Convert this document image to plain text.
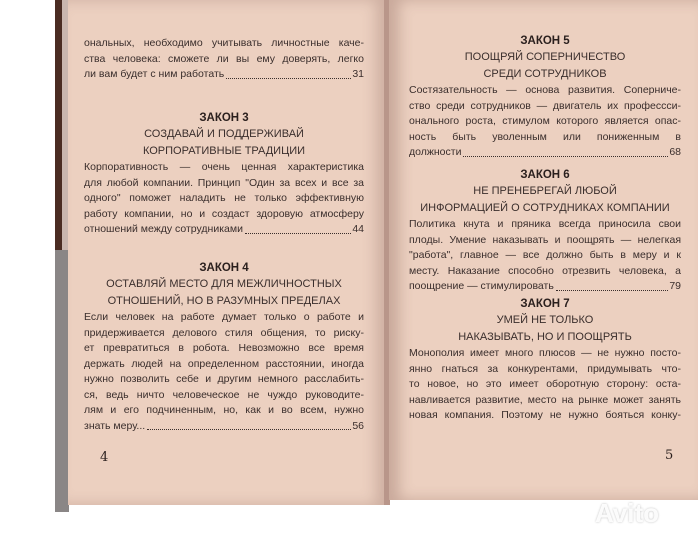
ональных, необходимо учитывать личностные каче-
ства человека: сможете ли вы ему доверять, легко
ли вам будет с ним работать	31
ЗАКОН 3
СОЗДАВАЙ И ПОДДЕРЖИВАЙ
КОРПОРАТИВНЫЕ ТРАДИЦИИ
Корпоративность — очень ценная характеристика
для любой компании. Принцип "Один за всех и все за
одного" поможет наладить не только эффективную
работу компании, но и создаст здоровую атмосферу
отношений между сотрудниками	44
ЗАКОН 4
ОСТАВЛЯЙ МЕСТО ДЛЯ МЕЖЛИЧНОСТНЫХ
ОТНОШЕНИЙ, НО В РАЗУМНЫХ ПРЕДЕЛАХ
Если человек на работе думает только о работе и
придерживается делового стиля общения, то риску-
ет превратиться в робота. Невозможно все время
держать людей на определенном расстоянии, иногда
нужно позволить себе и другим немного расслабить-
ся, ведь ничто человеческое не чуждо руководите-
лям и его подчиненным, но, как и во всем, нужно
знать меру...	56
4
ЗАКОН 5
ПООЩРЯЙ СОПЕРНИЧЕСТВО
СРЕДИ СОТРУДНИКОВ
Состязательность — основа развития. Соперниче-
ство среди сотрудников — двигатель их профессси-
онального роста, стимулом которого является опас-
ность быть уволенным или пониженным в
должности	68
ЗАКОН 6
НЕ ПРЕНЕБРЕГАЙ ЛЮБОЙ
ИНФОРМАЦИЕЙ О СОТРУДНИКАХ КОМПАНИИ
Политика кнута и пряника всегда приносила свои
плоды. Умение наказывать и поощрять — нелегкая
"работа", главное — все должно быть в меру и к
месту. Наказание способно отрезвить человека, а
поощрение — стимулировать	79
ЗАКОН 7
УМЕЙ НЕ ТОЛЬКО
НАКАЗЫВАТЬ, НО И ПООЩРЯТЬ
Монополия имеет много плюсов — не нужно посто-
янно гнаться за конкурентами, придумывать что-
то новое, но это имеет оборотную сторону: оста-
навливается развитие, место на рынке может занять
новая компания. Поэтому не нужно бояться конку-
5
Avito
